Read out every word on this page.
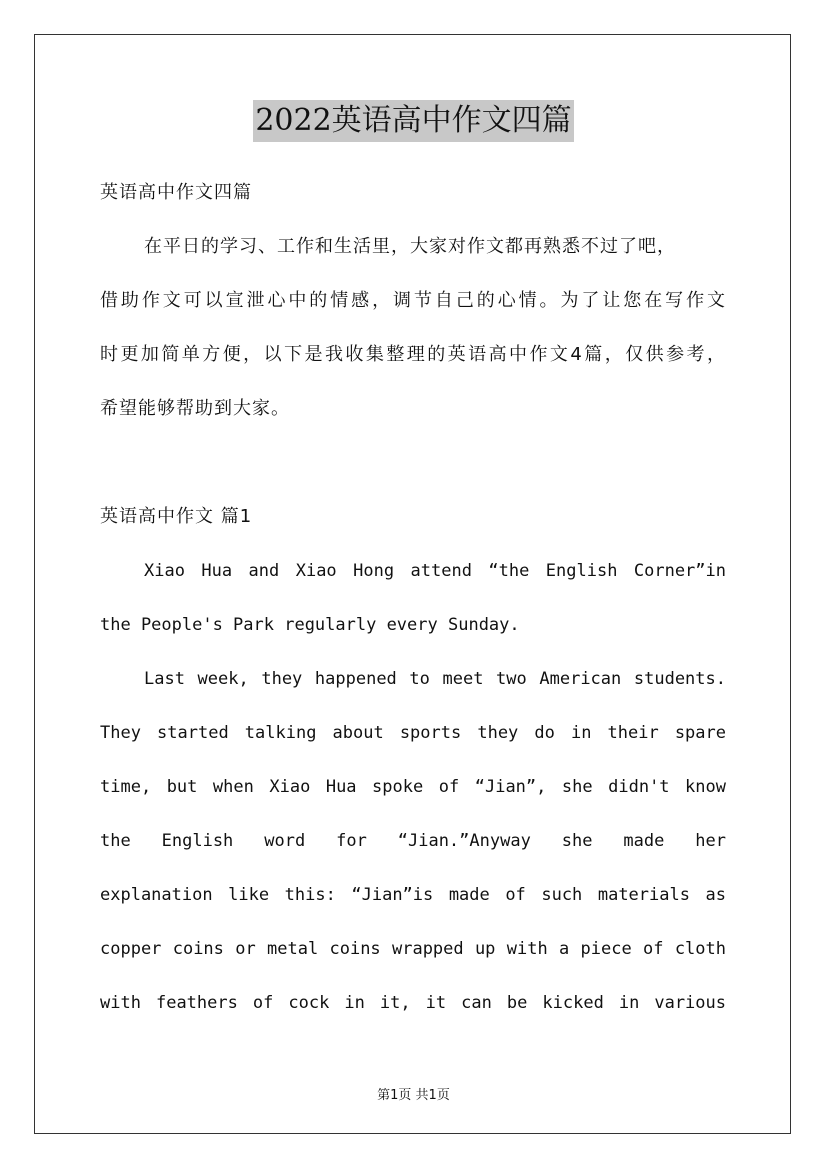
2022英语高中作文四篇
英语高中作文四篇
在平日的学习、工作和生活里，大家对作文都再熟悉不过了吧，
借助作文可以宣泄心中的情感，调节自己的心情。为了让您在写作文
时更加简单方便，以下是我收集整理的英语高中作文4篇，仅供参考，
希望能够帮助到大家。
英语高中作文 篇1
Xiao Hua and Xiao Hong attend “the English Corner”in
the People's Park regularly every Sunday.
Last week, they happened to meet two American students.
They started talking about sports they do in their spare
time, but when Xiao Hua spoke of “Jian”, she didn't know
the English word for “Jian.”Anyway she made her
explanation like this: “Jian”is made of such materials as
copper coins or metal coins wrapped up with a piece of cloth
with feathers of cock in it, it can be kicked in various
第1页 共1页
